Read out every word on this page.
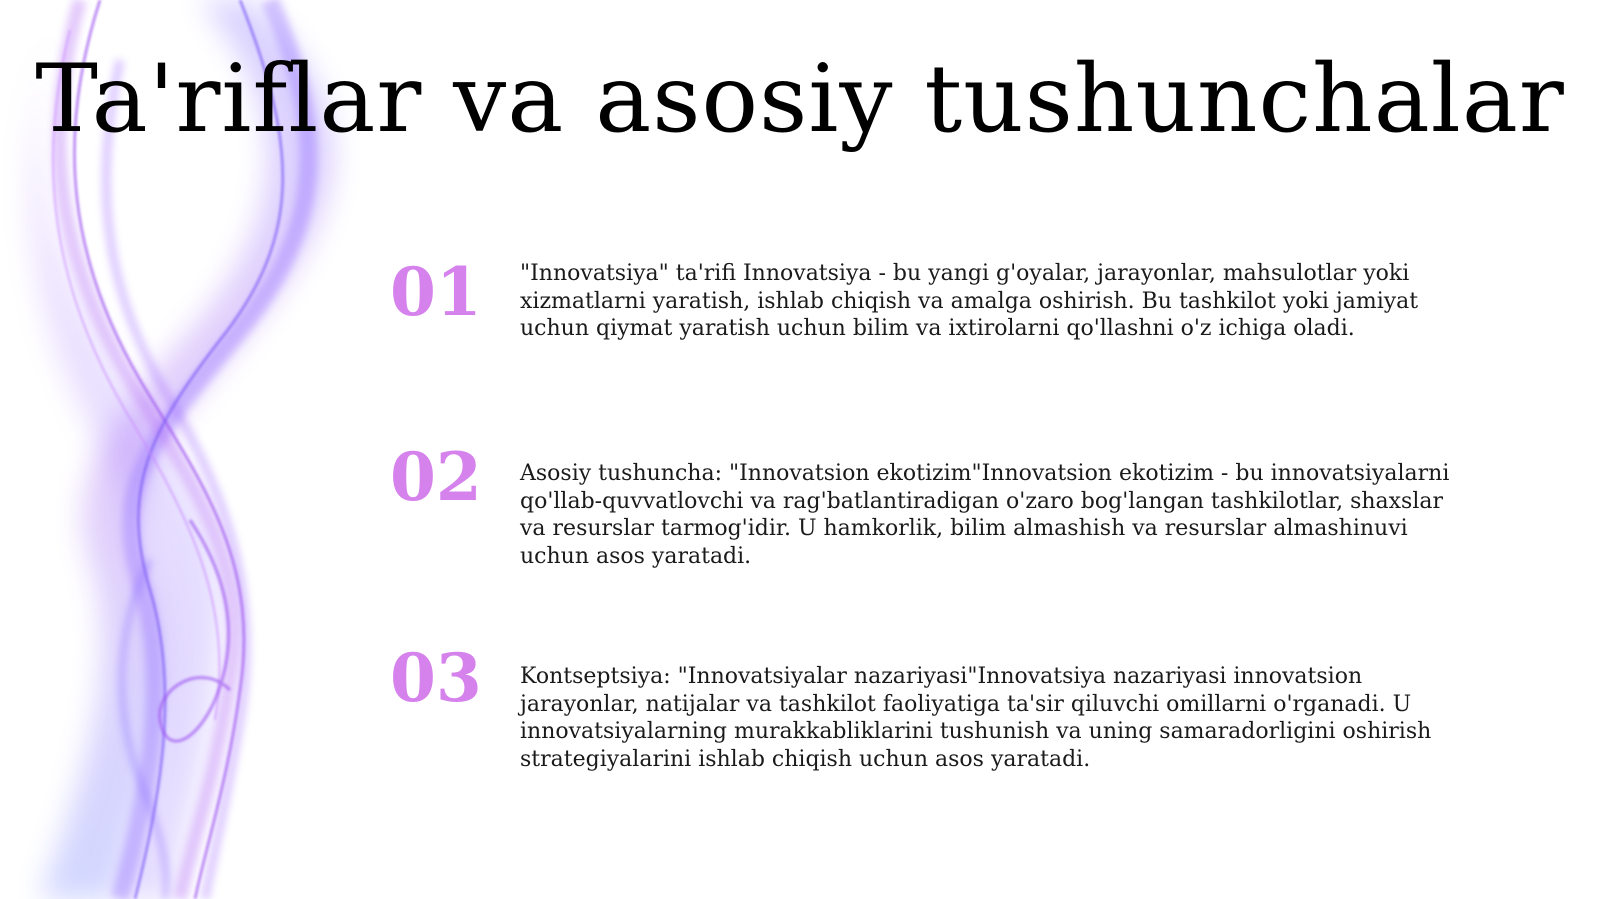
Ta'riflar va asosiy tushunchalar
01	"Innovatsiya" ta'rifi Innovatsiya - bu yangi g'oyalar, jarayonlar, mahsulotlar yoki xizmatlarni yaratish, ishlab chiqish va amalga oshirish. Bu tashkilot yoki jamiyat uchun qiymat yaratish uchun bilim va ixtirolarni qo'llashni o'z ichiga oladi.
02	Asosiy tushuncha: "Innovatsion ekotizim"Innovatsion ekotizim - bu innovatsiyalarni qo'llab-quvvatlovchi va rag'batlantiradigan o'zaro bog'langan tashkilotlar, shaxslar va resurslar tarmog'idir. U hamkorlik, bilim almashish va resurslar almashinuvi uchun asos yaratadi.
03	Kontseptsiya: "Innovatsiyalar nazariyasi"Innovatsiya nazariyasi innovatsion jarayonlar, natijalar va tashkilot faoliyatiga ta'sir qiluvchi omillarni o'rganadi. U innovatsiyalarning murakkabliklarini tushunish va uning samaradorligini oshirish strategiyalarini ishlab chiqish uchun asos yaratadi.
